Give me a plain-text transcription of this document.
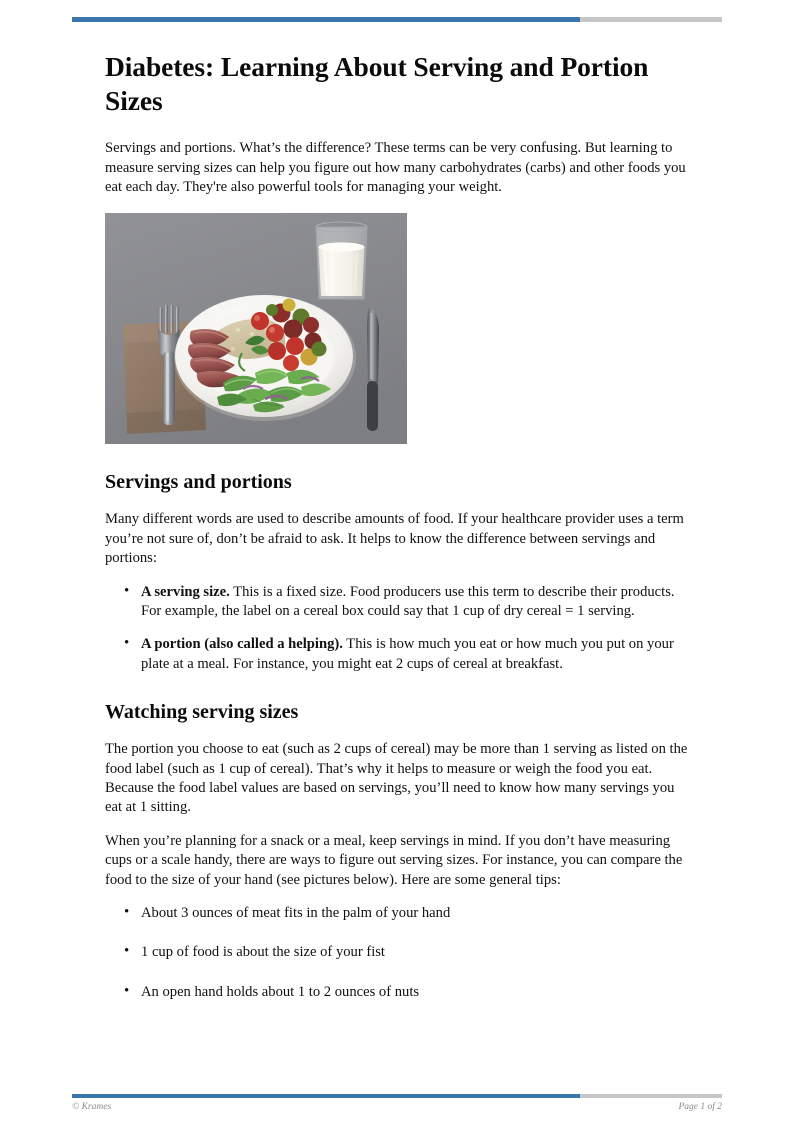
Diabetes: Learning About Serving and Portion Sizes

Servings and portions. What’s the difference? These terms can be very confusing. But learning to measure serving sizes can help you figure out how many carbohydrates (carbs) and other foods you eat each day. They're also powerful tools for managing your weight.

Servings and portions

Many different words are used to describe amounts of food. If your healthcare provider uses a term you’re not sure of, don’t be afraid to ask. It helps to know the difference between servings and portions:

• A serving size. This is a fixed size. Food producers use this term to describe their products. For example, the label on a cereal box could say that 1 cup of dry cereal = 1 serving.
• A portion (also called a helping). This is how much you eat or how much you put on your plate at a meal. For instance, you might eat 2 cups of cereal at breakfast.
Watching serving sizes

The portion you choose to eat (such as 2 cups of cereal) may be more than 1 serving as listed on the food label (such as 1 cup of cereal). That’s why it helps to measure or weigh the food you eat. Because the food label values are based on servings, you’ll need to know how many servings you eat at 1 sitting.

When you’re planning for a snack or a meal, keep servings in mind. If you don’t have measuring cups or a scale handy, there are ways to figure out serving sizes. For instance, you can compare the food to the size of your hand (see pictures below). Here are some general tips:

• About 3 ounces of meat fits in the palm of your hand
• 1 cup of food is about the size of your fist
• An open hand holds about 1 to 2 ounces of nuts
© Krames	Page 1 of 2
